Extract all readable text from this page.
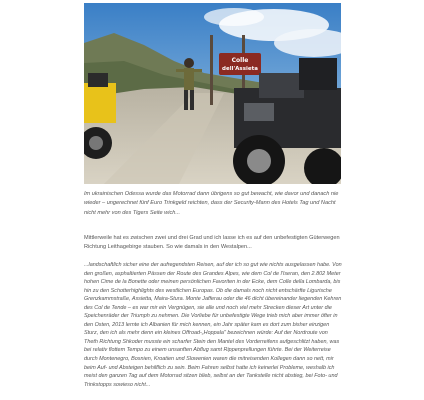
Colle
dell'Assieta

Im ukrainischen Odessa wurde das Motorrad dann übrigens so gut bewacht, wie davor und danach nie wieder – ungerechnet fünf Euro Trinkgeld reichten, dass der Security-Mann des Hotels Tag und Nacht nicht mehr von des Tigers Seite wich...

Mittlerweile hat es zwischen zwei und drei Grad und ich lasse ich es auf den unbefestigten Güterwegen Richtung Leithagebirge stauben. So wie damals in den Westalpen...

...landschaftlich sicher eine der aufregendsten Reisen, auf der ich so gut wie nichts ausgelassen habe. Von den großen, asphaltierten Pässen der Route des Grandes Alpes, wie dem Col de l'Iseran, den 2.802 Meter hohen Cime de la Bonette oder meinen persönlichen Favoriten in der Ecke, dem Colle della Lombarda, bis hin zu den Schotterhighlights des westlichen Europas. Ob die damals noch nicht entschärfte Ligurische Grenzkammstraße, Assietta, Maira-Stura. Monte Jafferau oder die 46 dicht übereinander liegenden Kehren des Col de Tende – es war mir ein Vergnügen, sie alle und noch viel mehr Strecken dieser Art unter die Speichenräder der Triumph zu nehmen. Die Vorliebe für unbefestigte Wege trieb mich aber immer öfter in den Osten, 2013 lernte ich Albanien für mich kennen, ein Jahr später kam es dort zum bisher einzigen Sturz, den ich als mehr denn ein kleines Offroad-„Hoppala" bezeichnen würde: Auf der Nordroute von Theth Richtung Shkoder musste ein scharfer Stein den Mantel des Vorderreifens aufgeschlitzt haben, was bei relativ flottem Tempo zu einem unsanften Abflug samt Rippenprellungen führte. Bei der Weiterreise durch Montenegro, Bosnien, Kroatien und Slowenien waren die mitreisenden Kollegen dann so nett, mir beim Auf- und Absteigen behilflich zu sein. Beim Fahren selbst hatte ich keinerlei Probleme, weshalb ich meist den ganzen Tag auf dem Motorrad sitzen blieb, selbst an der Tankstelle nicht abstieg, bei Foto- und Trinkstopps sowieso nicht...
